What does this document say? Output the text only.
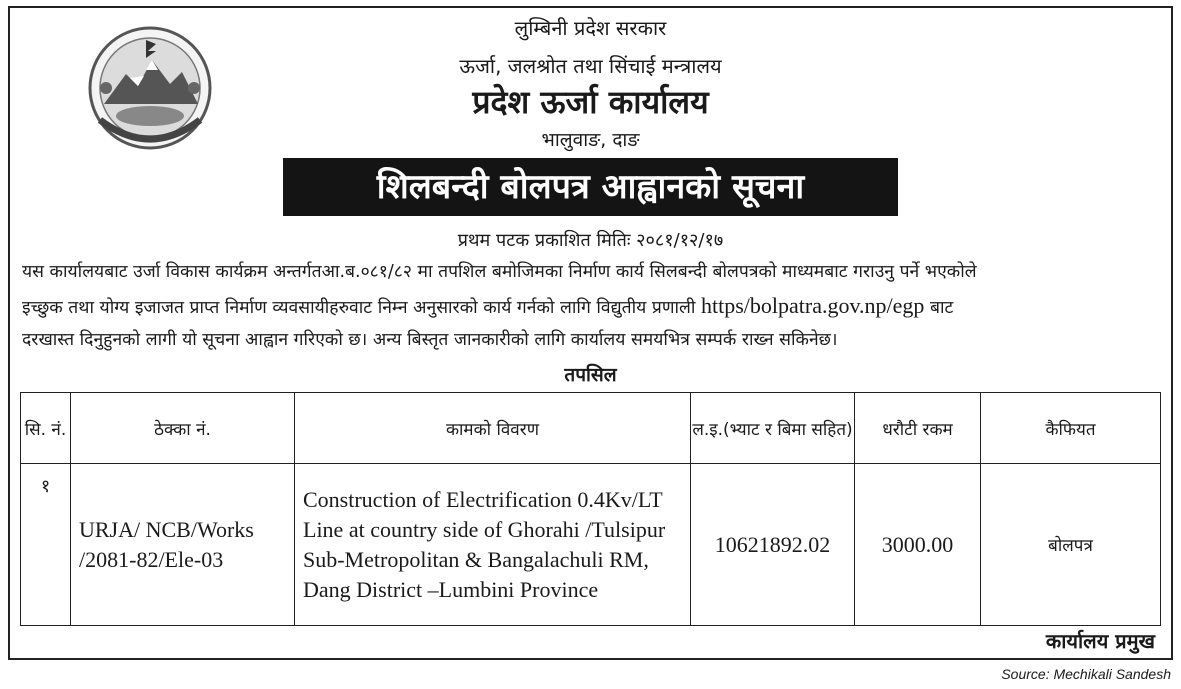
लुम्बिनी प्रदेश सरकार
ऊर्जा, जलश्रोत तथा सिंचाई मन्त्रालय
प्रदेश ऊर्जा कार्यालय
भालुवाङ, दाङ
शिलबन्दी बोलपत्र आह्वानको सूचना
प्रथम पटक प्रकाशित मितिः २०८१/१२/१७
यस कार्यालयबाट उर्जा विकास कार्यक्रम अन्तर्गतआ.ब.०८१/८२ मा तपशिल बमोजिमका निर्माण कार्य सिलबन्दी बोलपत्रको माध्यमबाट गराउनु पर्ने भएकोले
इच्छुक तथा योग्य इजाजत प्राप्त निर्माण व्यवसायीहरुवाट निम्न अनुसारको कार्य गर्नको लागि विद्युतीय प्रणाली https/bolpatra.gov.np/egp बाट
दरखास्त दिनुहुनको लागी यो सूचना आह्वान गरिएको छ। अन्य बिस्तृत जानकारीको लागि कार्यालय समयभित्र सम्पर्क राख्न सकिनेछ।
तपसिल
सि. नं.	ठेक्का नं.	कामको विवरण	ल.इ.(भ्याट र बिमा सहित)	धरौटी रकम	कैफियत
१	URJA/ NCB/Works /2081-82/Ele-03	Construction of Electrification 0.4Kv/LT Line at country side of Ghorahi /Tulsipur Sub-Metropolitan & Bangalachuli RM, Dang District –Lumbini Province	10621892.02	3000.00	बोलपत्र
कार्यालय प्रमुख
Source: Mechikali Sandesh
